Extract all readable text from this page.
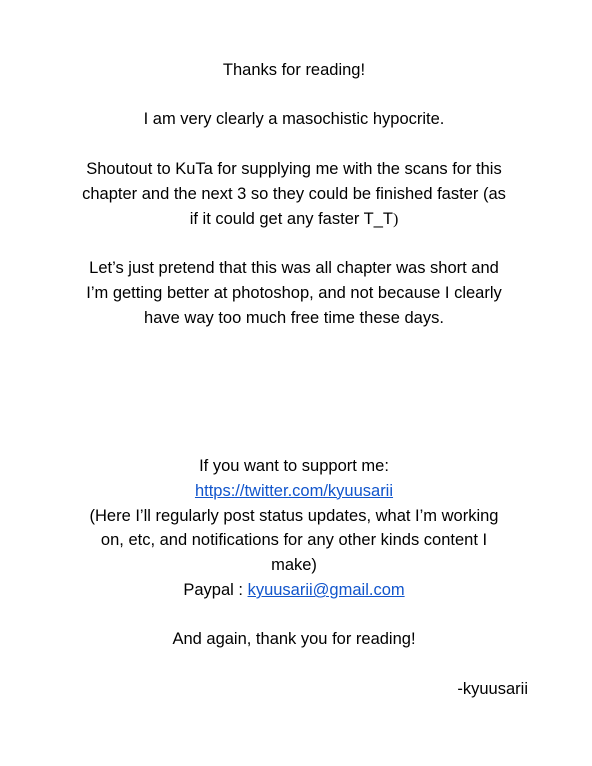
Thanks for reading!

I am very clearly a masochistic hypocrite.

Shoutout to KuTa for supplying me with the scans for this
chapter and the next 3 so they could be finished faster (as
if it could get any faster T_T)

Let’s just pretend that this was all chapter was short and
I’m getting better at photoshop, and not because I clearly
have way too much free time these days.

If you want to support me:
https://twitter.com/kyuusarii
(Here I’ll regularly post status updates, what I’m working
on, etc, and notifications for any other kinds content I
make)
Paypal : kyuusarii@gmail.com

And again, thank you for reading!

-kyuusarii
